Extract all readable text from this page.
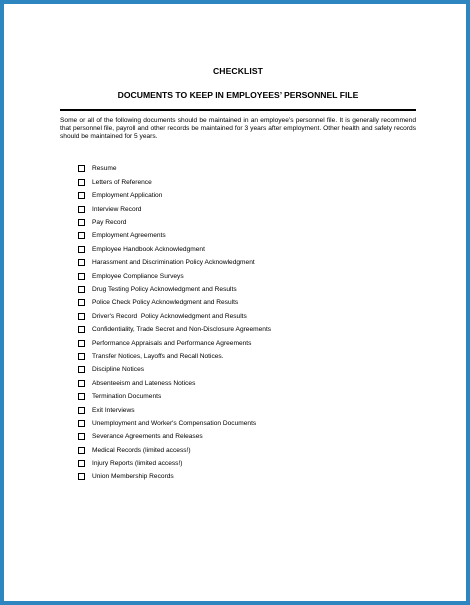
CHECKLIST
DOCUMENTS TO KEEP IN EMPLOYEES’ PERSONNEL FILE
Some or all of the following documents should be maintained in an employee’s personnel file. It is generally recommend that personnel file, payroll and other records be maintained for 3 years after employment. Other health and safety records should be maintained for 5 years.
Resume
Letters of Reference
Employment Application
Interview Record
Pay Record
Employment Agreements
Employee Handbook Acknowledgment
Harassment and Discrimination Policy Acknowledgment
Employee Compliance Surveys
Drug Testing Policy Acknowledgment and Results
Police Check Policy Acknowledgment and Results
Driver's Record  Policy Acknowledgment and Results
Confidentiality, Trade Secret and Non-Disclosure Agreements
Performance Appraisals and Performance Agreements
Transfer Notices, Layoffs and Recall Notices.
Discipline Notices
Absenteeism and Lateness Notices
Termination Documents
Exit Interviews
Unemployment and Worker's Compensation Documents
Severance Agreements and Releases
Medical Records (limited access!)
Injury Reports (limited access!)
Union Membership Records
